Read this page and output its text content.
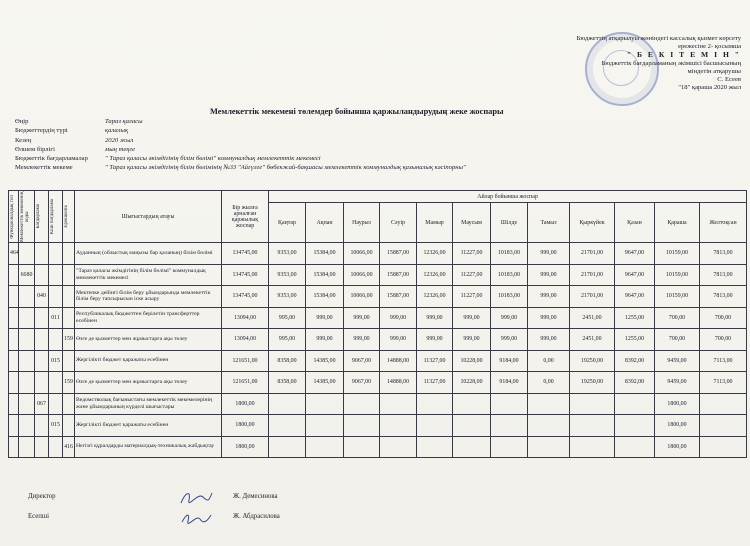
Бюджеттің атқарылуы жөніндегі кассалық қызмет көрсету
ережесіне 2- қосымша
" Б Е К І Т Е М І Н "
Бюджеттік бағдарламаның әкімшісі басшысының
міндетін атқарушы
С. Есеев
"18" қараша 2020 жыл
Мемлекеттік мекемені төлемдер бойынша қаржыландырудың жеке жоспары
Өңір	Тараз қаласы
Бюджеттердің түрі	қалалық
Кезең	2020 жыл
Өлшем бірлігі	мың теңге
Бюджеттік бағдарламалар	" Тараз қаласы әкімдігінің білім бөлімі" коммуналдық мемлекеттік мекемесі
Мемлекеттік мекеме	" Тараз қаласы әкімдігінің білім бөлімінің №33 "Айгүлге" бөбекжай-бақшасы мемлекеттік коммуналдық қазыналық кәсіпорны"
Функционалдық топ	Мемлекеттік мекеменің коды	Бағдарлама	Кіші бағдарлама	Ерекшелік	Шығыстардың атауы	Бір жылға арналған қаржылық жоспар	Айлар бойынша жоспар											
							Қаңтар	Ақпан	Наурыз	Сәуір	Мамыр	Маусым	Шілде	Тамыз	Қыркүйек	Қазан	Қараша	Желтоқсан
464					Ауданның (облыстық маңызы бар қаланың) білім бөлімі	134745,00	9353,00	15384,00	10066,00	15887,00	12326,00	11227,00	10183,00	999,00	21701,00	9647,00	10159,00	7813,00
	6680				"Тараз қаласы әкімдігінің білім бөлімі" коммуналдық мемлекеттік мекемесі	134745,00	9353,00	15384,00	10066,00	15887,00	12326,00	11227,00	10183,00	999,00	21701,00	9647,00	10159,00	7813,00
		040			Мектепке дейінгі білім беру ұйымдарында мемлекеттік білім беру тапсырысын іске асыру	134745,00	9353,00	15384,00	10066,00	15887,00	12326,00	11227,00	10183,00	999,00	21701,00	9647,00	10159,00	7813,00
			011		Республикалық бюджеттен берілетін трансферттер есебінен	13094,00	995,00	999,00	999,00	999,00	999,00	999,00	999,00	999,00	2451,00	1255,00	700,00	700,00
				159	Өзге де қызметтер мен жұмыстарға ақы төлеу	13094,00	995,00	999,00	999,00	999,00	999,00	999,00	999,00	999,00	2451,00	1255,00	700,00	700,00
			015		Жергілікті бюджет қаражаты есебінен	121651,00	8358,00	14385,00	9067,00	14888,00	11327,00	10228,00	9184,00	0,00	19250,00	8392,00	9459,00	7113,00
				159	Өзге де қызметтер мен жұмыстарға ақы төлеу	121651,00	8358,00	14385,00	9067,00	14888,00	11327,00	10228,00	9184,00	0,00	19250,00	8392,00	9459,00	7113,00
		067			Ведомстволық бағыныстағы мемлекеттік мекемелерінің және ұйымдарының күрделі шығыстары	1800,00											1800,00	
			015		Жергілікті бюджет қаражаты есебінен	1800,00											1800,00	
				416	Негізгі құралдарды материалдық-техникалық жабдықтау	1800,00											1800,00	
Директор	Ж. Демесинова
Есепші	Ж. Абдрасилова
